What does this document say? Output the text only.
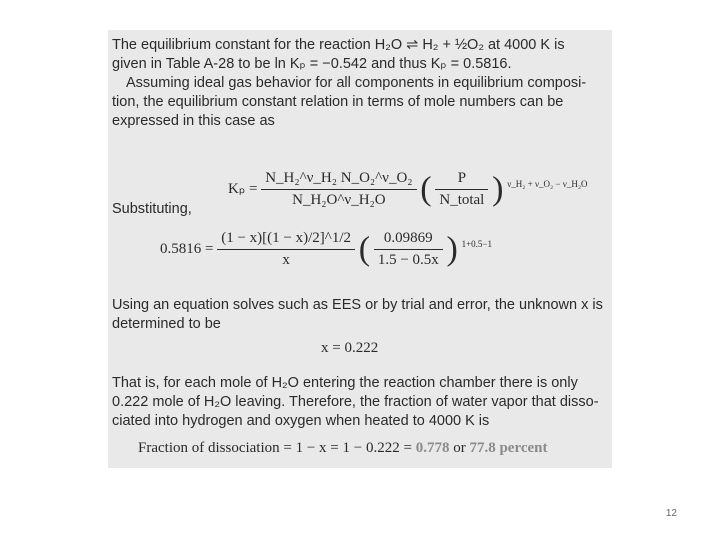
The equilibrium constant for the reaction H₂O ⇌ H₂ + ½O₂ at 4000 K is
given in Table A-28 to be ln Kₚ = −0.542 and thus Kₚ = 0.5816.
Assuming ideal gas behavior for all components in equilibrium composi-
tion, the equilibrium constant relation in terms of mole numbers can be
expressed in this case as
$K_p = \frac{\text{N\_H₂\textasciicircum{}ν\_H₂ N\_O₂\textasciicircum{}ν\_O₂}}{\text{N\_H₂O\textasciicircum{}ν\_H₂O}}$ ( $\frac{P}{\text{N\_total}}$ ) $^{\nu\_H_2 + \nu\_O_2 - \nu\_H_2O}$
Substituting,
$0.5816 = \frac{(1 - x)[(1 - x)/2]\^{}1/2}{x}$ ( $\frac{0.09869}{1.5 - 0.5x}$ ) $^{1+0.5-1}$
Using an equation solves such as EES or by trial and error, the unknown x is
determined to be
x = 0.222
That is, for each mole of H₂O entering the reaction chamber there is only
0.222 mole of H₂O leaving. Therefore, the fraction of water vapor that disso-
ciated into hydrogen and oxygen when heated to 4000 K is
Fraction of dissociation = 1 − x = 1 − 0.222 = 0.778 or 77.8 percent
12
